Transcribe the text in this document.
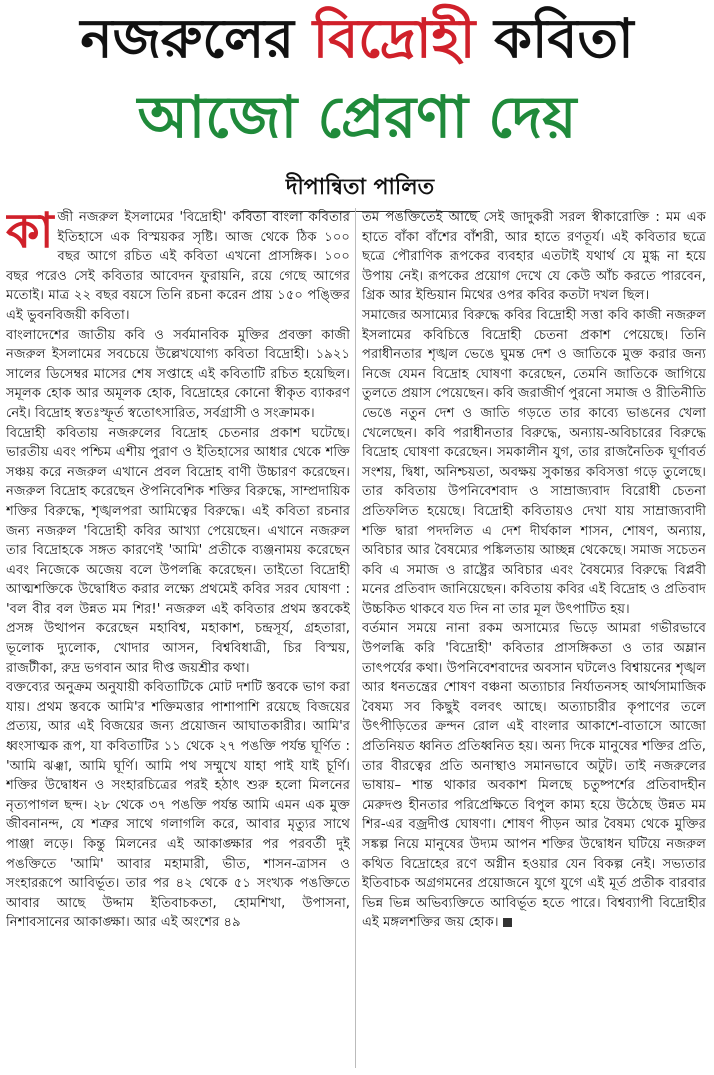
নজরুলের বিদ্রোহী কবিতা
আজো প্রেরণা দেয়
দীপান্বিতা পালিত

কাজী নজরুল ইসলামের 'বিদ্রোহী' কবিতা বাংলা কবিতার ইতিহাসে এক বিস্ময়কর সৃষ্টি। আজ থেকে ঠিক ১০০ বছর আগে রচিত এই কবিতা এখনো প্রাসঙ্গিক। ১০০ বছর পরেও সেই কবিতার আবেদন ফুরায়নি, রয়ে গেছে আগের মতোই। মাত্র ২২ বছর বয়সে তিনি রচনা করেন প্রায় ১৫০ পঙ্ক্তির এই ভুবনবিজয়ী কবিতা।

বাংলাদেশের জাতীয় কবি ও সর্বমানবিক মুক্তির প্রবক্তা কাজী নজরুল ইসলামের সবচেয়ে উল্লেখযোগ্য কবিতা বিদ্রোহী। ১৯২১ সালের ডিসেম্বর মাসের শেষ সপ্তাহে এই কবিতাটি রচিত হয়েছিল। সমূলক হোক আর অমূলক হোক, বিদ্রোহের কোনো স্বীকৃত ব্যাকরণ নেই। বিদ্রোহ স্বতঃস্ফূর্ত স্বতোৎসারিত, সর্বগ্রাসী ও সংক্রামক।

বিদ্রোহী কবিতায় নজরুলের বিদ্রোহ চেতনার প্রকাশ ঘটেছে। ভারতীয় এবং পশ্চিম এশীয় পুরাণ ও ইতিহাসের আধার থেকে শক্তি সঞ্চয় করে নজরুল এখানে প্রবল বিদ্রোহ বাণী উচ্চারণ করেছেন। নজরুল বিদ্রোহ করেছেন ঔপনিবেশিক শক্তির বিরুদ্ধে, সাম্প্রদায়িক শক্তির বিরুদ্ধে, শৃঙ্খলপরা আমিত্বের বিরুদ্ধে। এই কবিতা রচনার জন্য নজরুল 'বিদ্রোহী কবির আখ্যা পেয়েছেন। এখানে নজরুল তার বিদ্রোহকে সঙ্গত কারণেই 'আমি' প্রতীকে ব্যঞ্জনাময় করেছেন এবং নিজেকে অজেয় বলে উপলব্ধি করেছেন। তাইতো বিদ্রোহী আত্মশক্তিকে উদ্বোধিত করার লক্ষ্যে প্রথমেই কবির সরব ঘোষণা : 'বল বীর বল উন্নত মম শির!' নজরুল এই কবিতার প্রথম স্তবকেই প্রসঙ্গ উত্থাপন করেছেন মহাবিশ্ব, মহাকাশ, চন্দ্রসূর্য, গ্রহতারা, ভূলোক দ্যুলোক, খোদার আসন, বিশ্ববিধাত্রী, চির বিস্ময়, রাজটীকা, রুদ্র ভগবান আর দীপ্ত জয়শ্রীর কথা।

বক্তব্যের অনুক্রম অনুযায়ী কবিতাটিকে মোট দশটি স্তবকে ভাগ করা যায়। প্রথম স্তবকে আমি'র শক্তিমত্তার পাশাপাশি রয়েছে বিজয়ের প্রত্যয়, আর এই বিজয়ের জন্য প্রয়োজন আঘাতকারীর। আমি'র ধ্বংসাত্মক রূপ, যা কবিতাটির ১১ থেকে ২৭ পঙক্তি পর্যন্ত ঘূর্ণিত : 'আমি ঝঞ্ঝা, আমি ঘূর্ণি। আমি পথ সম্মুখে যাহা পাই যাই চূর্ণি। শক্তির উদ্বোধন ও সংহারচিত্রের পরই হঠাৎ শুরু হলো মিলনের নৃত্যপাগল ছন্দ। ২৮ থেকে ৩৭ পঙক্তি পর্যন্ত আমি এমন এক মুক্ত জীবনানন্দ, যে শত্রুর সাথে গলাগলি করে, আবার মৃত্যুর সাথে পাঞ্জা লড়ে। কিন্তু মিলনের এই আকাঙ্ক্ষার পর পরবর্তী দুই পঙক্তিতে 'আমি' আবার মহামারী, ভীত, শাসন-ত্রাসন ও সংহাররূপে আবির্ভূত। তার পর ৪২ থেকে ৫১ সংখ্যক পঙক্তিতে আবার আছে উদ্দাম ইতিবাচকতা, হোমশিখা, উপাসনা, নিশাবসানের আকাঙ্ক্ষা। আর এই অংশের ৪৯

তম পঙক্তিতেই আছে সেই জাদুকরী সরল স্বীকারোক্তি : মম এক হাতে বাঁকা বাঁশের বাঁশরী, আর হাতে রণতূর্য। এই কবিতার ছত্রে ছত্রে পৌরাণিক রূপকের ব্যবহার এতটাই যথার্থ যে মুগ্ধ না হয়ে উপায় নেই। রূপকের প্রয়োগ দেখে যে কেউ আঁচ করতে পারবেন, গ্রিক আর ইন্ডিয়ান মিথের ওপর কবির কতটা দখল ছিল।

সমাজের অসাম্যের বিরুদ্ধে কবির বিদ্রোহী সত্তা কবি কাজী নজরুল ইসলামের কবিচিত্তে বিদ্রোহী চেতনা প্রকাশ পেয়েছে। তিনি পরাধীনতার শৃঙ্খল ভেঙে ঘুমন্ত দেশ ও জাতিকে মুক্ত করার জন্য নিজে যেমন বিদ্রোহ ঘোষণা করেছেন, তেমনি জাতিকে জাগিয়ে তুলতে প্রয়াস পেয়েছেন। কবি জরাজীর্ণ পুরনো সমাজ ও রীতিনীতি ভেঙে নতুন দেশ ও জাতি গড়তে তার কাব্যে ভাঙনের খেলা খেলেছেন। কবি পরাধীনতার বিরুদ্ধে, অন্যায়-অবিচারের বিরুদ্ধে বিদ্রোহ ঘোষণা করেছেন। সমকালীন যুগ, তার রাজনৈতিক ঘূর্ণাবর্ত সংশয়, দ্বিধা, অনিশ্চয়তা, অবক্ষয় সুকান্তর কবিসত্তা গড়ে তুলেছে। তার কবিতায় উপনিবেশবাদ ও সাম্রাজ্যবাদ বিরোধী চেতনা প্রতিফলিত হয়েছে। বিদ্রোহী কবিতায়ও দেখা যায় সাম্রাজ্যবাদী শক্তি দ্বারা পদদলিত এ দেশ দীর্ঘকাল শাসন, শোষণ, অন্যায়, অবিচার আর বৈষম্যের পঙ্কিলতায় আচ্ছন্ন থেকেছে। সমাজ সচেতন কবি এ সমাজ ও রাষ্ট্রের অবিচার এবং বৈষম্যের বিরুদ্ধে বিপ্লবী মনের প্রতিবাদ জানিয়েছেন। কবিতায় কবির এই বিদ্রোহ ও প্রতিবাদ উচ্চকিত থাকবে যত দিন না তার মূল উৎপাটিত হয়।

বর্তমান সময়ে নানা রকম অসাম্যের ভিড়ে আমরা গভীরভাবে উপলব্ধি করি 'বিদ্রোহী' কবিতার প্রাসঙ্গিকতা ও তার অম্লান তাৎপর্যের কথা। উপনিবেশবাদের অবসান ঘটলেও বিশ্বায়নের শৃঙ্খল আর ধনতন্ত্রের শোষণ বঞ্চনা অত্যাচার নির্যাতনসহ আর্থসামাজিক বৈষম্য সব কিছুই বলবৎ আছে। অত্যাচারীর কৃপাণের তলে উৎপীড়িতের ক্রন্দন রোল এই বাংলার আকাশে-বাতাসে আজো প্রতিনিয়ত ধ্বনিত প্রতিধ্বনিত হয়। অন্য দিকে মানুষের শক্তির প্রতি, তার বীরত্বের প্রতি অনাস্থাও সমানভাবে অটুট। তাই নজরুলের ভাষায়– শান্ত থাকার অবকাশ মিলছে চতুষ্পর্শের প্রতিবাদহীন মেরুদণ্ড হীনতার পরিপ্রেক্ষিতে বিপুল কাম্য হয়ে উঠেছে উন্নত মম শির-এর বজ্রদীপ্ত ঘোষণা। শোষণ পীড়ন আর বৈষম্য থেকে মুক্তির সঙ্কল্প নিয়ে মানুষের উদ্যম আপন শক্তির উদ্বোধন ঘটিয়ে নজরুল কথিত বিদ্রোহের রণে অগ্নীন হওয়ার যেন বিকল্প নেই। সভ্যতার ইতিবাচক অগ্রগমনের প্রয়োজনে যুগে যুগে এই মূর্ত প্রতীক বারবার ভিন্ন ভিন্ন অভিব্যক্তিতে আবির্ভূত হতে পারে। বিশ্বব্যাপী বিদ্রোহীর এই মঙ্গলশক্তির জয় হোক।
